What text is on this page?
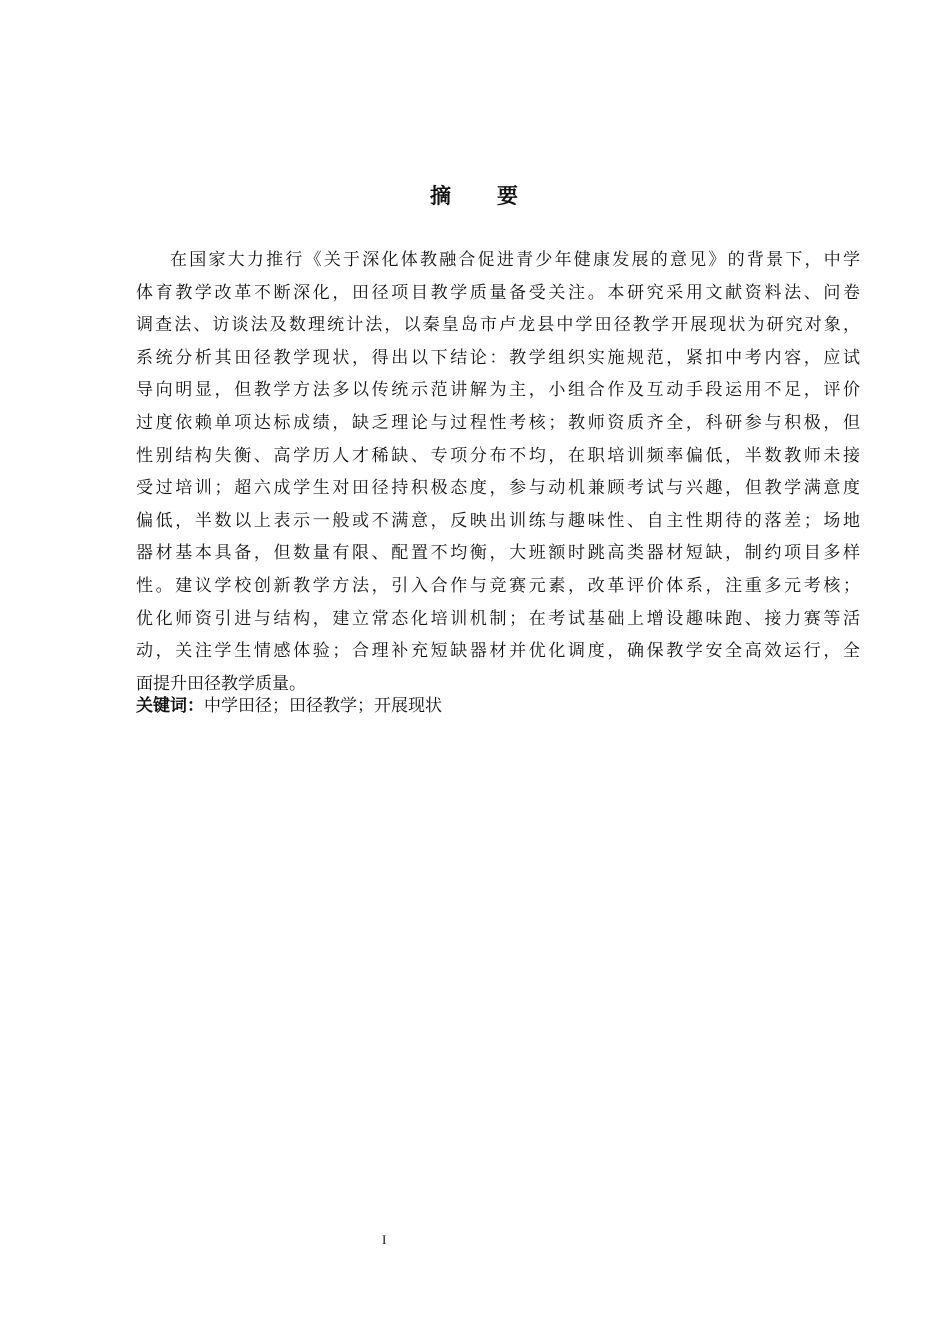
摘 要
在国家大力推行《关于深化体教融合促进青少年健康发展的意见》的背景下，中学
体育教学改革不断深化，田径项目教学质量备受关注。本研究采用文献资料法、问卷
调查法、访谈法及数理统计法，以秦皇岛市卢龙县中学田径教学开展现状为研究对象，
系统分析其田径教学现状，得出以下结论：教学组织实施规范，紧扣中考内容，应试
导向明显，但教学方法多以传统示范讲解为主，小组合作及互动手段运用不足，评价
过度依赖单项达标成绩，缺乏理论与过程性考核；教师资质齐全，科研参与积极，但
性别结构失衡、高学历人才稀缺、专项分布不均，在职培训频率偏低，半数教师未接
受过培训；超六成学生对田径持积极态度，参与动机兼顾考试与兴趣，但教学满意度
偏低，半数以上表示一般或不满意，反映出训练与趣味性、自主性期待的落差；场地
器材基本具备，但数量有限、配置不均衡，大班额时跳高类器材短缺，制约项目多样
性。建议学校创新教学方法，引入合作与竞赛元素，改革评价体系，注重多元考核；
优化师资引进与结构，建立常态化培训机制；在考试基础上增设趣味跑、接力赛等活
动，关注学生情感体验；合理补充短缺器材并优化调度，确保教学安全高效运行，全
面提升田径教学质量。
关键词：中学田径；田径教学；开展现状
I
